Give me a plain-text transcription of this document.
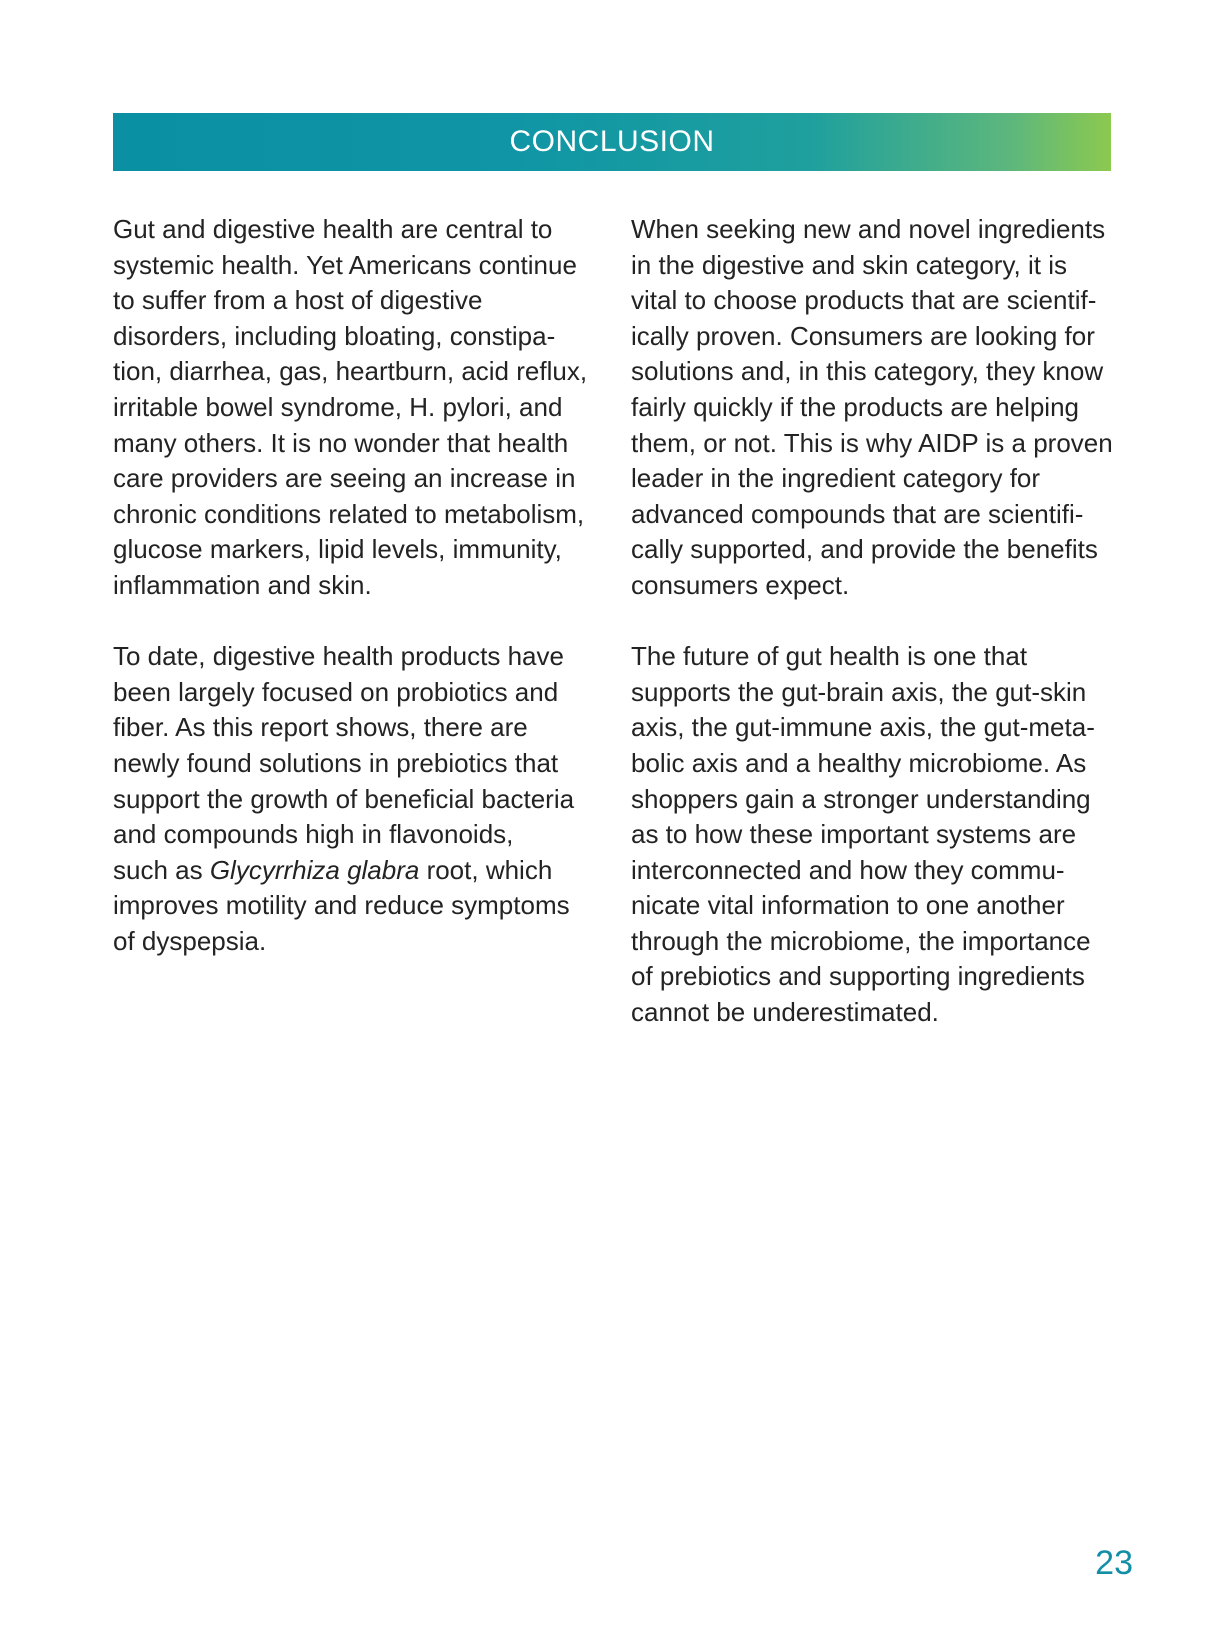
CONCLUSION

Gut and digestive health are central to
systemic health. Yet Americans continue
to suffer from a host of digestive
disorders, including bloating, constipa-
tion, diarrhea, gas, heartburn, acid reflux,
irritable bowel syndrome, H. pylori, and
many others. It is no wonder that health
care providers are seeing an increase in
chronic conditions related to metabolism,
glucose markers, lipid levels, immunity,
inflammation and skin.

To date, digestive health products have
been largely focused on probiotics and
fiber. As this report shows, there are
newly found solutions in prebiotics that
support the growth of beneficial bacteria
and compounds high in flavonoids,
such as Glycyrrhiza glabra root, which
improves motility and reduce symptoms
of dyspepsia.

When seeking new and novel ingredients
in the digestive and skin category, it is
vital to choose products that are scientif-
ically proven. Consumers are looking for
solutions and, in this category, they know
fairly quickly if the products are helping
them, or not. This is why AIDP is a proven
leader in the ingredient category for
advanced compounds that are scientifi-
cally supported, and provide the benefits
consumers expect.

The future of gut health is one that
supports the gut-brain axis, the gut-skin
axis, the gut-immune axis, the gut-meta-
bolic axis and a healthy microbiome. As
shoppers gain a stronger understanding
as to how these important systems are
interconnected and how they commu-
nicate vital information to one another
through the microbiome, the importance
of prebiotics and supporting ingredients
cannot be underestimated.

23
